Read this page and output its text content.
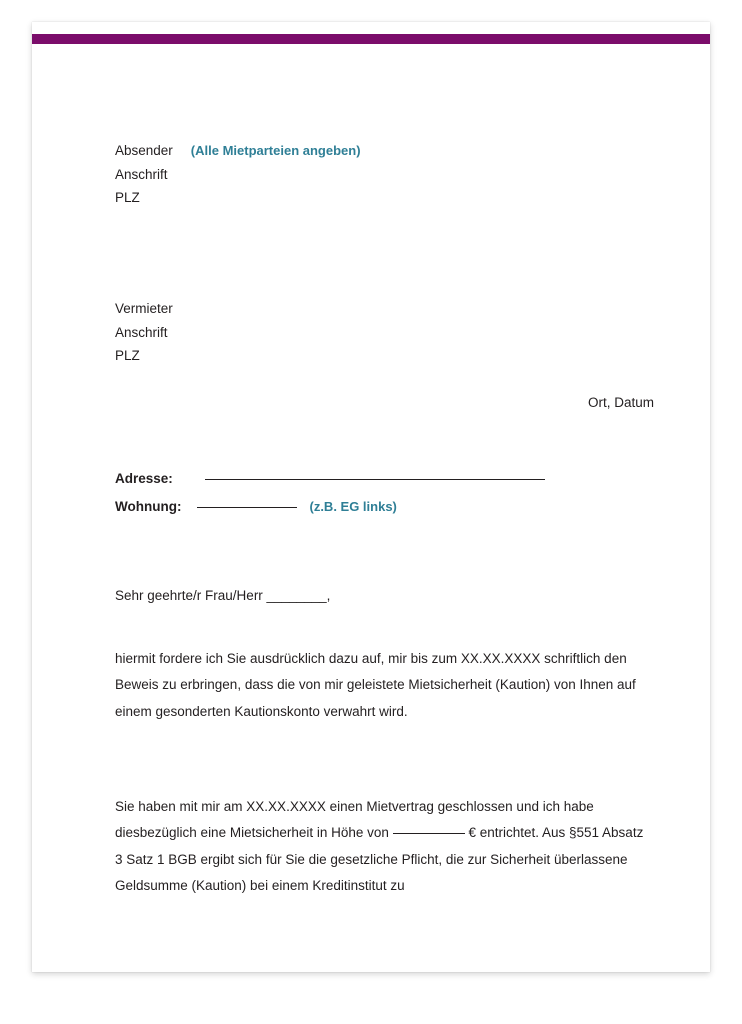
Absender (Alle Mietparteien angeben)
Anschrift
PLZ
Vermieter
Anschrift
PLZ
Ort, Datum
Adresse:
Wohnung:	(z.B. EG links)
Sehr geehrte/r Frau/Herr ________,
hiermit fordere ich Sie ausdrücklich dazu auf, mir bis zum XX.XX.XXXX schriftlich den Beweis zu erbringen, dass die von mir geleistete Mietsicherheit (Kaution) von Ihnen auf einem gesonderten Kautionskonto verwahrt wird.
Sie haben mit mir am XX.XX.XXXX einen Mietvertrag geschlossen und ich habe diesbezüglich eine Mietsicherheit in Höhe von	€ entrichtet. Aus §551 Absatz 3 Satz 1 BGB ergibt sich für Sie die gesetzliche Pflicht, die zur Sicherheit überlassene Geldsumme (Kaution) bei einem Kreditinstitut zu
